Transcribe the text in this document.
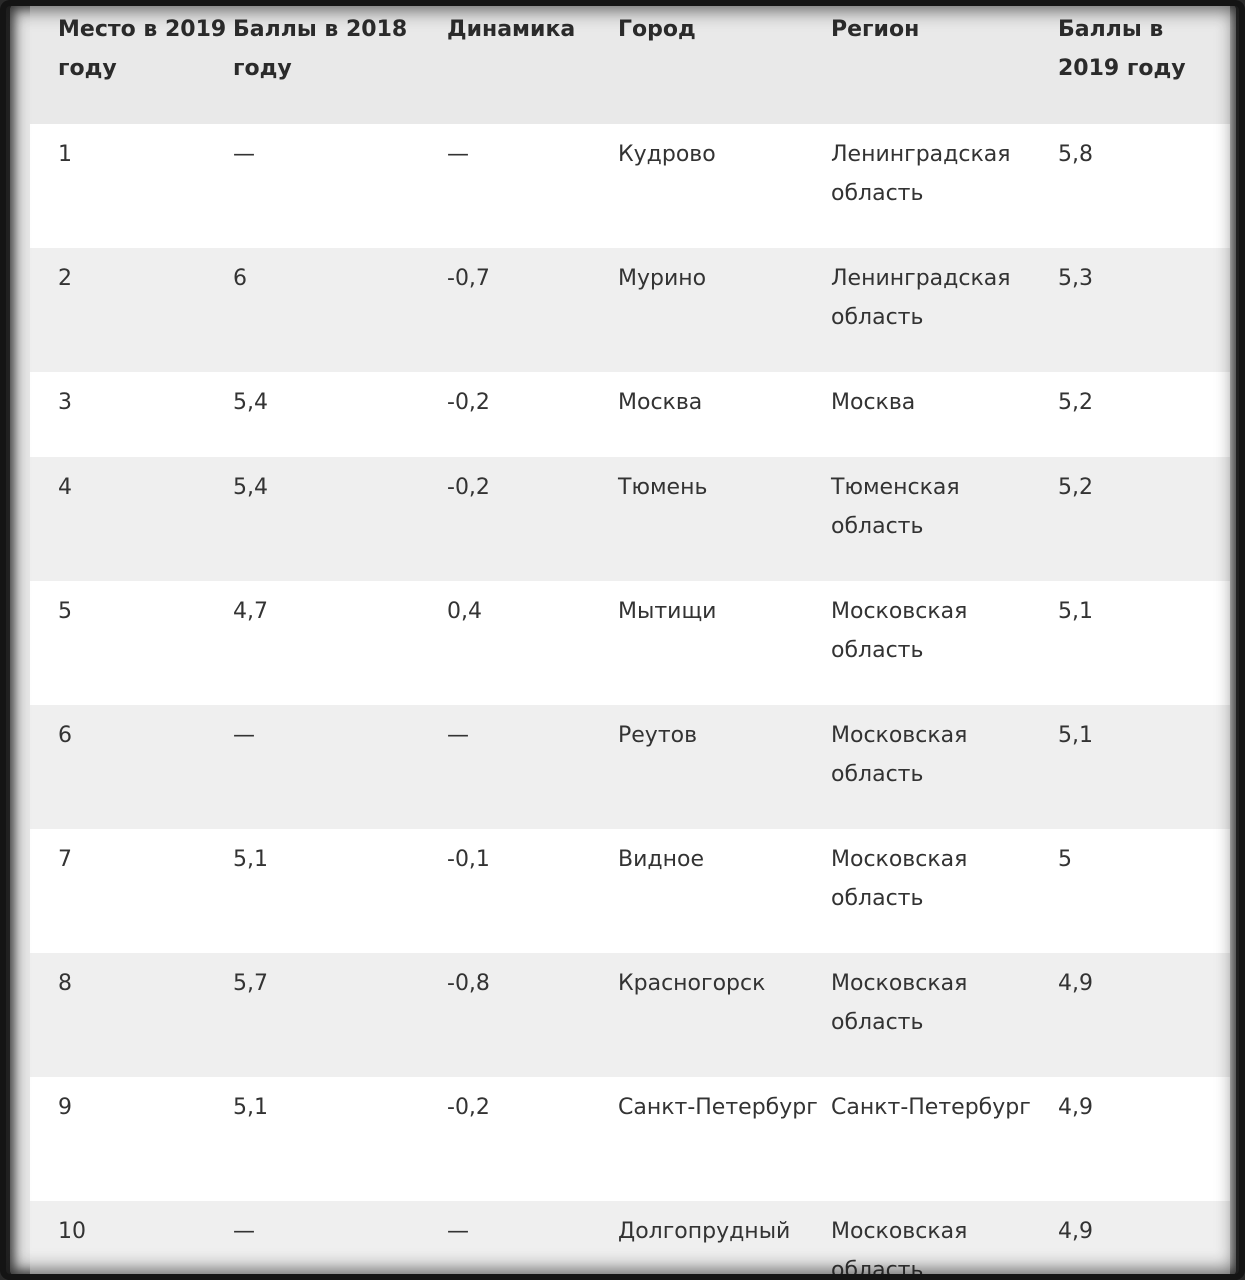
Место в 2019 году	Баллы в 2018 году	Динамика	Город	Регион	Баллы в 2019 году
1	—	—	Кудрово	Ленинградская область	5,8
2	6	-0,7	Мурино	Ленинградская область	5,3
3	5,4	-0,2	Москва	Москва	5,2
4	5,4	-0,2	Тюмень	Тюменская область	5,2
5	4,7	0,4	Мытищи	Московская область	5,1
6	—	—	Реутов	Московская область	5,1
7	5,1	-0,1	Видное	Московская область	5
8	5,7	-0,8	Красногорск	Московская область	4,9
9	5,1	-0,2	Санкт-Петербург	Санкт-Петербург	4,9
10	—	—	Долгопрудный	Московская область	4,9
